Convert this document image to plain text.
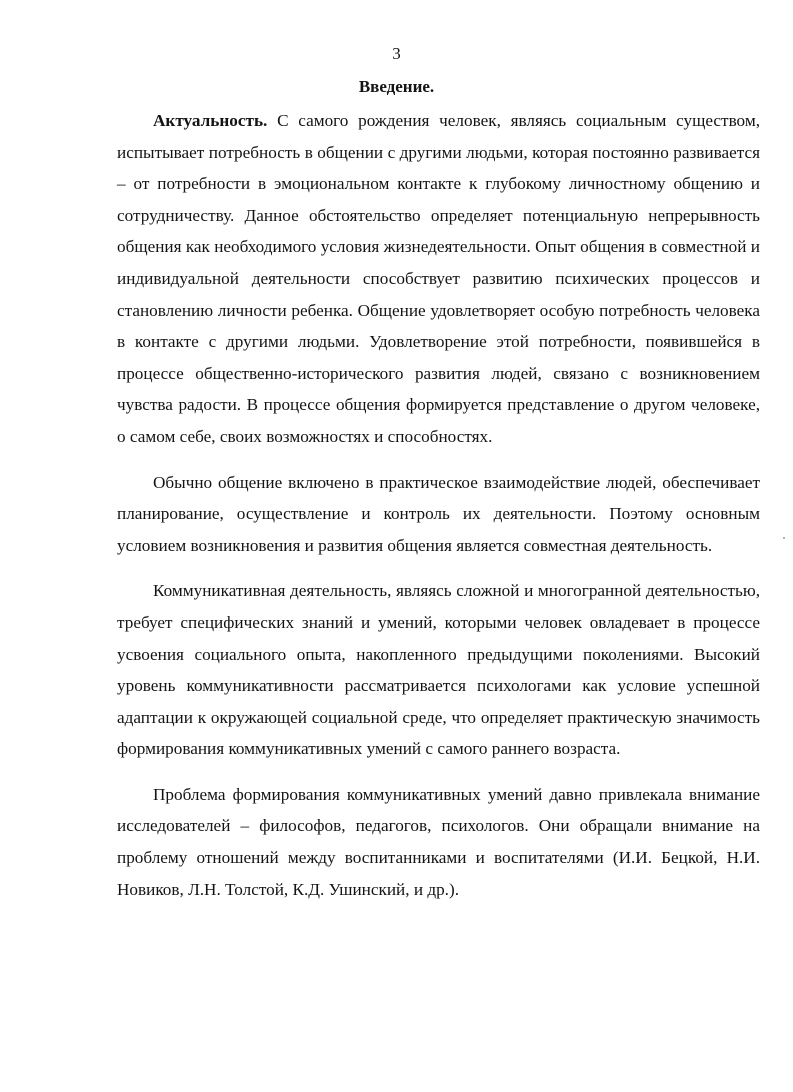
3
Введение.

Актуальность. С самого рождения человек, являясь социальным существом, испытывает потребность в общении с другими людьми, которая постоянно развивается – от потребности в эмоциональном контакте к глубокому личностному общению и сотрудничеству. Данное обстоятельство определяет потенциальную непрерывность общения как необходимого условия жизнедеятельности. Опыт общения в совместной и индивидуальной деятельности способствует развитию психических процессов и становлению личности ребенка. Общение удовлетворяет особую потребность человека в контакте с другими людьми. Удовлетворение этой потребности, появившейся в процессе общественно-исторического развития людей, связано с возникновением чувства радости. В процессе общения формируется представление о другом человеке, о самом себе, своих возможностях и способностях.

Обычно общение включено в практическое взаимодействие людей, обеспечивает планирование, осуществление и контроль их деятельности. Поэтому основным условием возникновения и развития общения является совместная деятельность.

Коммуникативная деятельность, являясь сложной и многогранной деятельностью, требует специфических знаний и умений, которыми человек овладевает в процессе усвоения социального опыта, накопленного предыдущими поколениями. Высокий уровень коммуникативности рассматривается психологами как условие успешной адаптации к окружающей социальной среде, что определяет практическую значимость формирования коммуникативных умений с самого раннего возраста.

Проблема формирования коммуникативных умений давно привлекала внимание исследователей – философов, педагогов, психологов. Они обращали внимание на проблему отношений между воспитанниками и воспитателями (И.И. Бецкой, Н.И. Новиков, Л.Н. Толстой, К.Д. Ушинский, и др.).
